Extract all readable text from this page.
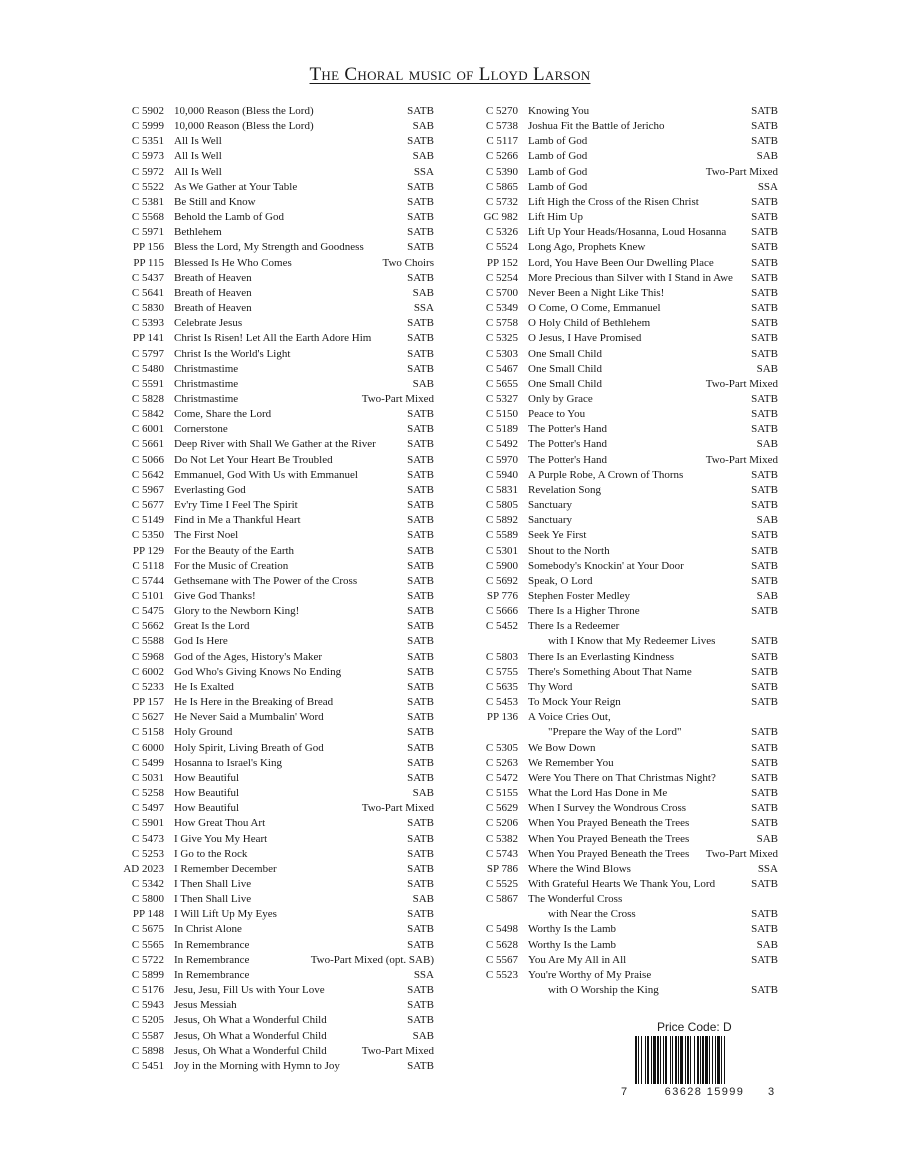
The Choral music of Lloyd Larson
C 5902 10,000 Reason (Bless the Lord)	SATB
C 5999 10,000 Reason (Bless the Lord)	SAB
C 5351 All Is Well	SATB
C 5973 All Is Well	SAB
C 5972 All Is Well	SSA
C 5522 As We Gather at Your Table	SATB
C 5381 Be Still and Know	SATB
C 5568 Behold the Lamb of God	SATB
C 5971 Bethlehem	SATB
PP 156 Bless the Lord, My Strength and Goodness	SATB
PP 115 Blessed Is He Who Comes	Two Choirs
C 5437 Breath of Heaven	SATB
C 5641 Breath of Heaven	SAB
C 5830 Breath of Heaven	SSA
C 5393 Celebrate Jesus	SATB
PP 141 Christ Is Risen! Let All the Earth Adore Him	SATB
C 5797 Christ Is the World's Light	SATB
C 5480 Christmastime	SATB
C 5591 Christmastime	SAB
C 5828 Christmastime	Two-Part Mixed
C 5842 Come, Share the Lord	SATB
C 6001 Cornerstone	SATB
C 5661 Deep River with Shall We Gather at the River	SATB
C 5066 Do Not Let Your Heart Be Troubled	SATB
C 5642 Emmanuel, God With Us with Emmanuel	SATB
C 5967 Everlasting God	SATB
C 5677 Ev'ry Time I Feel The Spirit	SATB
C 5149 Find in Me a Thankful Heart	SATB
C 5350 The First Noel	SATB
PP 129 For the Beauty of the Earth	SATB
C 5118 For the Music of Creation	SATB
C 5744 Gethsemane with The Power of the Cross	SATB
C 5101 Give God Thanks!	SATB
C 5475 Glory to the Newborn King!	SATB
C 5662 Great Is the Lord	SATB
C 5588 God Is Here	SATB
C 5968 God of the Ages, History's Maker	SATB
C 6002 God Who's Giving Knows No Ending	SATB
C 5233 He Is Exalted	SATB
PP 157 He Is Here in the Breaking of Bread	SATB
C 5627 He Never Said a Mumbalin' Word	SATB
C 5158 Holy Ground	SATB
C 6000 Holy Spirit, Living Breath of God	SATB
C 5499 Hosanna to Israel's King	SATB
C 5031 How Beautiful	SATB
C 5258 How Beautiful	SAB
C 5497 How Beautiful	Two-Part Mixed
C 5901 How Great Thou Art	SATB
C 5473 I Give You My Heart	SATB
C 5253 I Go to the Rock	SATB
AD 2023 I Remember December	SATB
C 5342 I Then Shall Live	SATB
C 5800 I Then Shall Live	SAB
PP 148 I Will Lift Up My Eyes	SATB
C 5675 In Christ Alone	SATB
C 5565 In Remembrance	SATB
C 5722 In Remembrance	Two-Part Mixed (opt. SAB)
C 5899 In Remembrance	SSA
C 5176 Jesu, Jesu, Fill Us with Your Love	SATB
C 5943 Jesus Messiah	SATB
C 5205 Jesus, Oh What a Wonderful Child	SATB
C 5587 Jesus, Oh What a Wonderful Child	SAB
C 5898 Jesus, Oh What a Wonderful Child	Two-Part Mixed
C 5451 Joy in the Morning with Hymn to Joy	SATB
C 5270 Knowing You	SATB
C 5738 Joshua Fit the Battle of Jericho	SATB
C 5117 Lamb of God	SATB
C 5266 Lamb of God	SAB
C 5390 Lamb of God	Two-Part Mixed
C 5865 Lamb of God	SSA
C 5732 Lift High the Cross of the Risen Christ	SATB
GC 982 Lift Him Up	SATB
C 5326 Lift Up Your Heads/Hosanna, Loud Hosanna SATB
C 5524 Long Ago, Prophets Knew	SATB
PP 152 Lord, You Have Been Our Dwelling Place	SATB
C 5254 More Precious than Silver with I Stand in Awe SATB
C 5700 Never Been a Night Like This!	SATB
C 5349 O Come, O Come, Emmanuel	SATB
C 5758 O Holy Child of Bethlehem	SATB
C 5325 O Jesus, I Have Promised	SATB
C 5303 One Small Child	SATB
C 5467 One Small Child	SAB
C 5655 One Small Child	Two-Part Mixed
C 5327 Only by Grace	SATB
C 5150 Peace to You	SATB
C 5189 The Potter's Hand	SATB
C 5492 The Potter's Hand	SAB
C 5970 The Potter's Hand	Two-Part Mixed
C 5940 A Purple Robe, A Crown of Thorns	SATB
C 5831 Revelation Song	SATB
C 5805 Sanctuary	SATB
C 5892 Sanctuary	SAB
C 5589 Seek Ye First	SATB
C 5301 Shout to the North	SATB
C 5900 Somebody's Knockin' at Your Door	SATB
C 5692 Speak, O Lord	SATB
SP 776 Stephen Foster Medley	SAB
C 5666 There Is a Higher Throne	SATB
C 5452 There Is a Redeemer
with I Know that My Redeemer Lives	SATB
C 5803 There Is an Everlasting Kindness	SATB
C 5755 There's Something About That Name	SATB
C 5635 Thy Word	SATB
C 5453 To Mock Your Reign	SATB
PP 136 A Voice Cries Out,
"Prepare the Way of the Lord"	SATB
C 5305 We Bow Down	SATB
C 5263 We Remember You	SATB
C 5472 Were You There on That Christmas Night?	SATB
C 5155 What the Lord Has Done in Me	SATB
C 5629 When I Survey the Wondrous Cross	SATB
C 5206 When You Prayed Beneath the Trees	SATB
C 5382 When You Prayed Beneath the Trees	SAB
C 5743 When You Prayed Beneath the Trees Two-Part Mixed
SP 786 Where the Wind Blows	SSA
C 5525 With Grateful Hearts We Thank You, Lord	SATB
C 5867 The Wonderful Cross
with Near the Cross	SATB
C 5498 Worthy Is the Lamb	SATB
C 5628 Worthy Is the Lamb	SAB
C 5567 You Are My All in All	SATB
C 5523 You're Worthy of My Praise
with O Worship the King	SATB
Price Code: D
7	63628 15999	3
